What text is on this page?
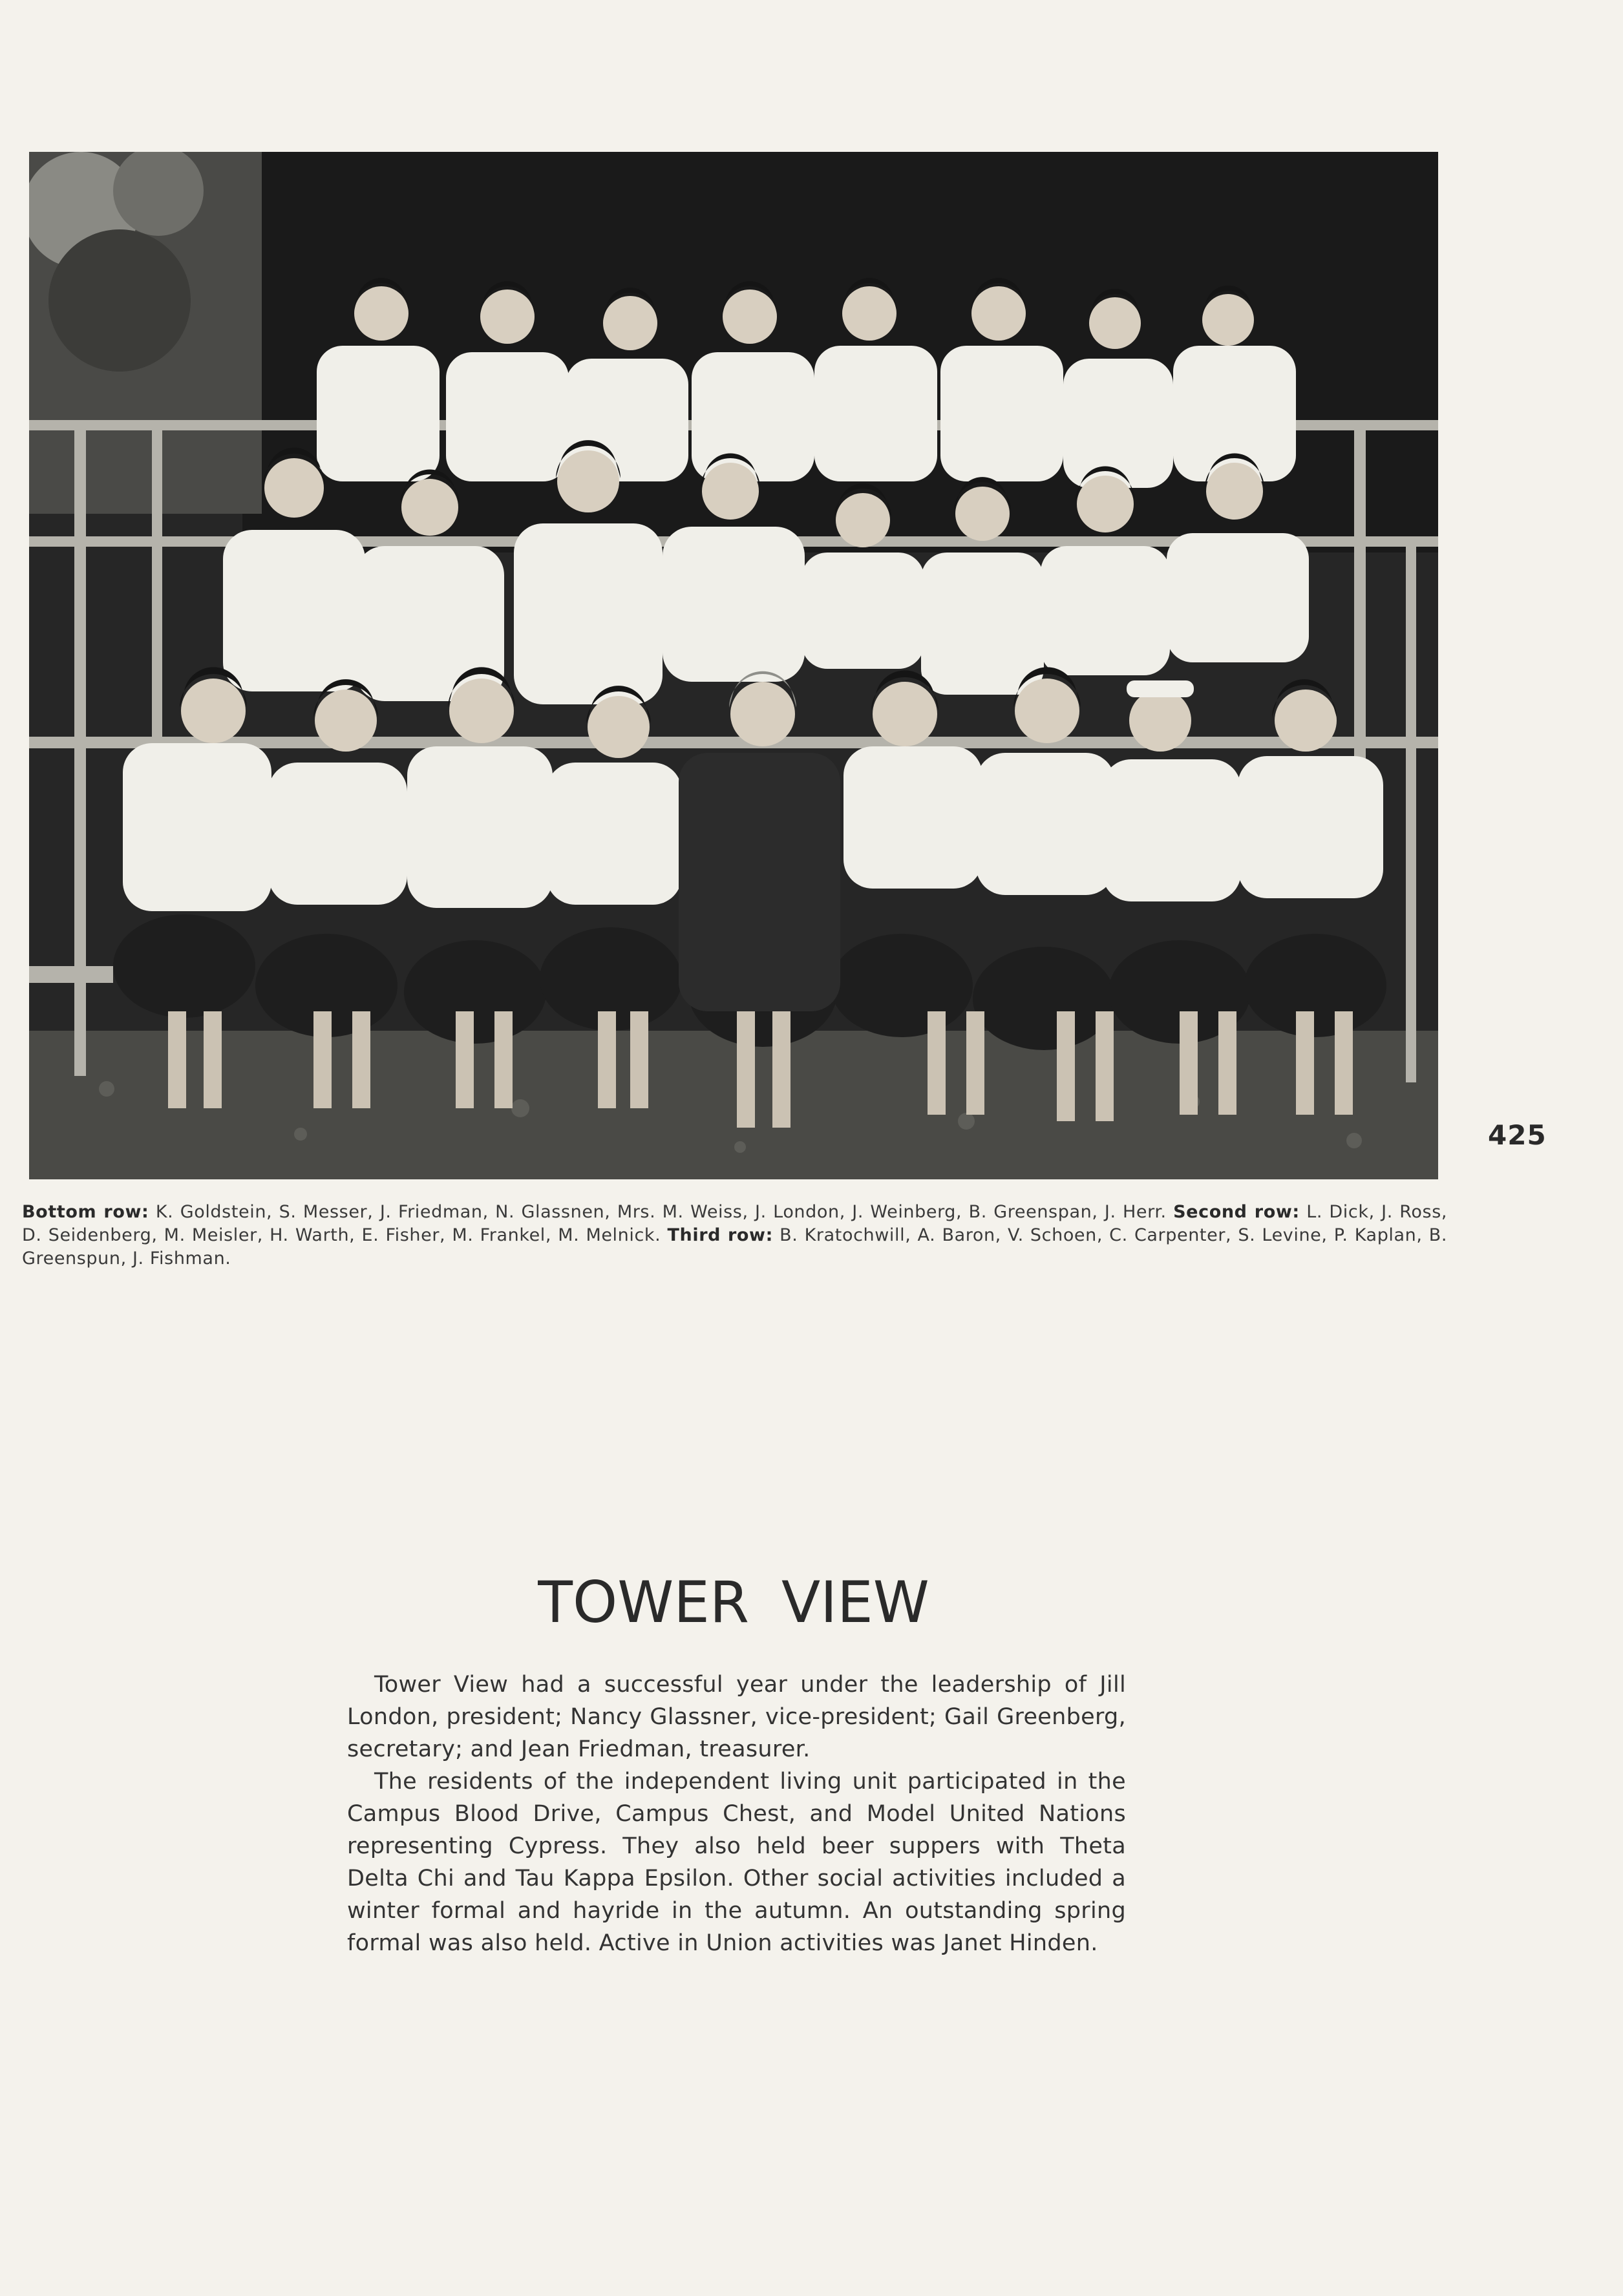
425
Bottom row: K. Goldstein, S. Messer, J. Friedman, N. Glassnen, Mrs. M. Weiss, J. London, J. Weinberg, B. Greenspan, J. Herr. Second row: L. Dick, J. Ross, D. Seidenberg, M. Meisler, H. Warth, E. Fisher, M. Frankel, M. Melnick. Third row: B. Kratochwill, A. Baron, V. Schoen, C. Carpenter, S. Levine, P. Kaplan, B. Greenspun, J. Fishman.
TOWER VIEW

Tower View had a successful year under the leadership of Jill London, president; Nancy Glassner, vice-president; Gail Greenberg, secretary; and Jean Friedman, treasurer.

The residents of the independent living unit participated in the Campus Blood Drive, Campus Chest, and Model United Nations representing Cypress. They also held beer suppers with Theta Delta Chi and Tau Kappa Epsilon. Other social activities included a winter formal and hayride in the autumn. An outstanding spring formal was also held. Active in Union activities was Janet Hinden.
